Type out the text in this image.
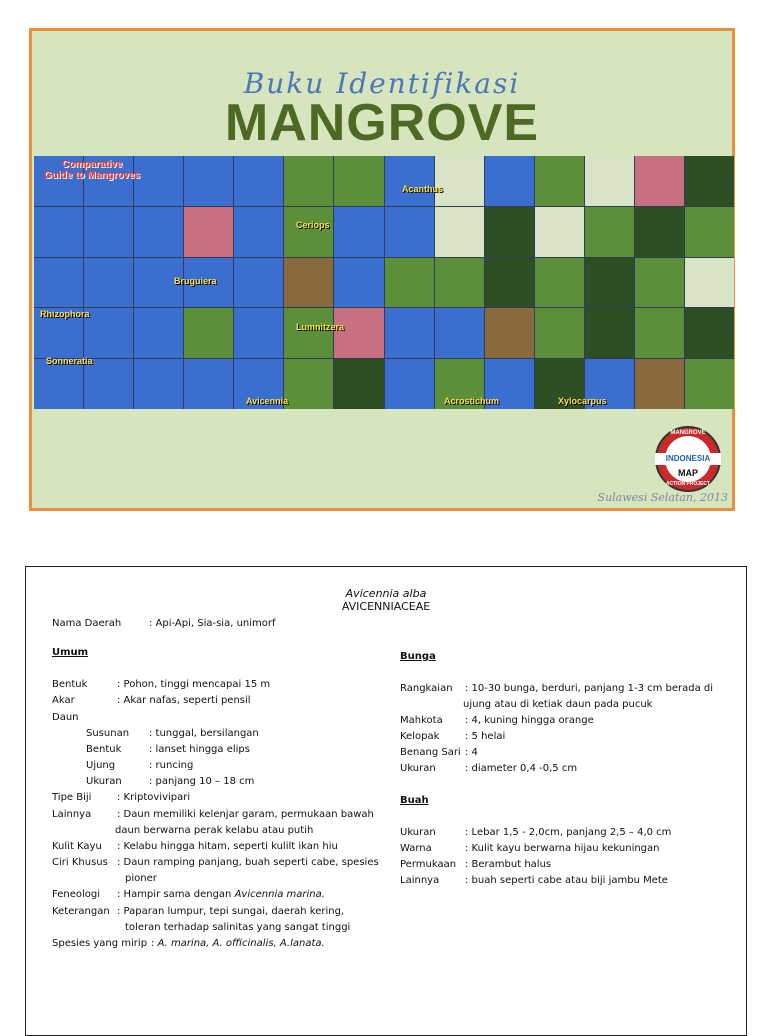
Buku Identifikasi
MANGROVE
Comparative
Guide to Mangroves
Bruguiera
Ceriops
Rhizophora
Sonneratia
Lumnitzera
Avicennia
Acanthus
Acrostichum	Xylocarpus
MANGROVE
INDONESIA
MAP
ACTION PROJECT
Sulawesi Selatan, 2013
Avicennia alba
AVICENNIACEAE
Nama Daerah	: Api-Api, Sia-sia, unimorf
Umum
Bentuk	: Pohon, tinggi mencapai 15 m
Akar	: Akar nafas, seperti pensil
Daun
Susunan : tunggal, bersilangan
Bentuk	: lanset hingga elips
Ujung	: runcing
Ukuran	: panjang 10 – 18 cm
Tipe Biji	: Kriptovivipari
Lainnya	: Daun memiliki kelenjar garam, permukaan bawah
daun berwarna perak kelabu atau putih
Kulit Kayu : Kelabu hingga hitam, seperti kulilt ikan hiu
Ciri Khusus : Daun ramping panjang, buah seperti cabe, spesies
pioner
Feneologi : Hampir sama dengan Avicennia marina.
Keterangan : Paparan lumpur, tepi sungai, daerah kering,
toleran terhadap salinitas yang sangat tinggi
Spesies yang mirip : A. marina, A. officinalis, A.lanata.
Bunga
Rangkaian : 10-30 bunga, berduri, panjang 1-3 cm berada di
ujung atau di ketiak daun pada pucuk
Mahkota : 4, kuning hingga orange
Kelopak	: 5 helai
Benang Sari : 4
Ukuran	: diameter 0,4 -0,5 cm
Buah
Ukuran	: Lebar 1,5 - 2,0cm, panjang 2,5 – 4,0 cm
Warna	: Kulit kayu berwarna hijau kekuningan
Permukaan : Berambut halus
Lainnya	: buah seperti cabe atau biji jambu Mete
